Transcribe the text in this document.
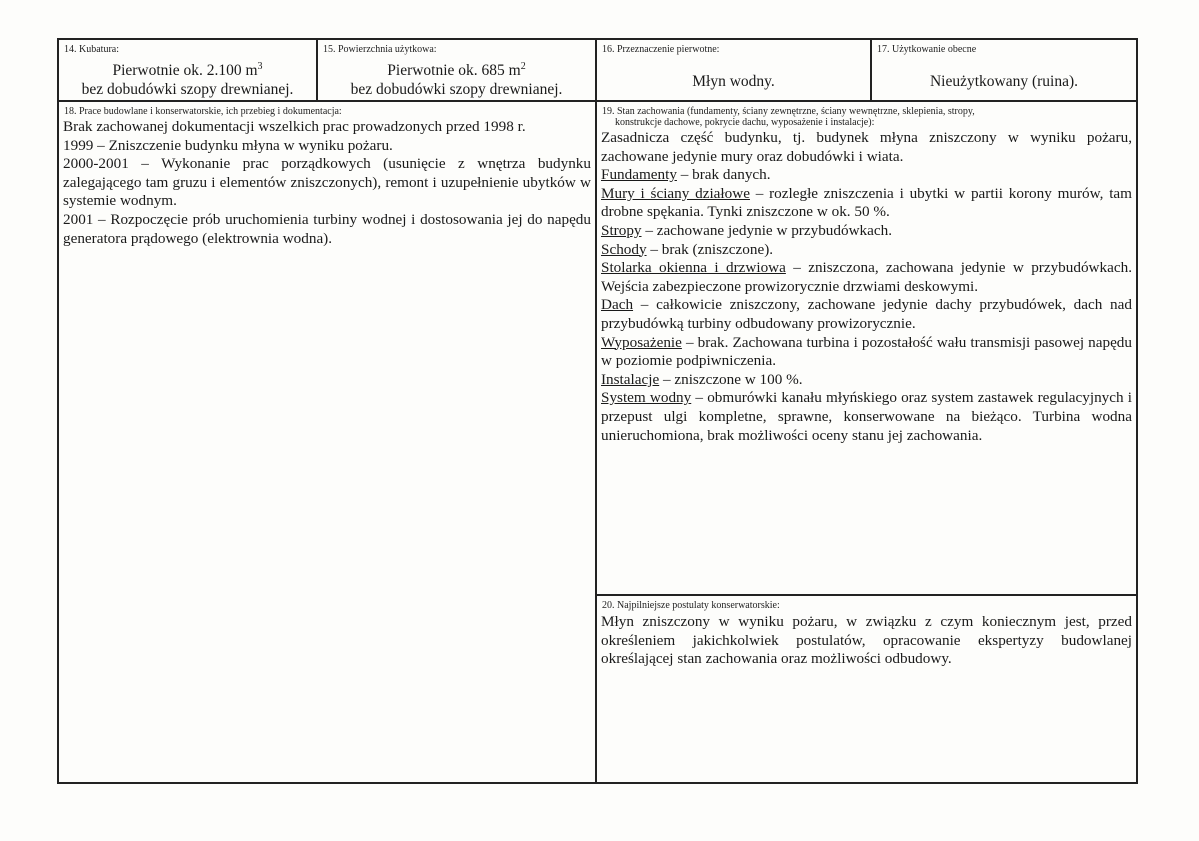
14. Kubatura:
Pierwotnie ok. 2.100 $m^3$
bez dobudówki szopy drewnianej.
15. Powierzchnia użytkowa:
Pierwotnie ok. 685 $m^2$
bez dobudówki szopy drewnianej.
16. Przeznaczenie pierwotne:
Młyn wodny.
17. Użytkowanie obecne
Nieużytkowany (ruina).
18. Prace budowlane i konserwatorskie, ich przebieg i dokumentacja:

Brak zachowanej dokumentacji wszelkich prac prowadzonych przed 1998 r.

1999 – Zniszczenie budynku młyna w wyniku pożaru.

2000-2001 – Wykonanie prac porządkowych (usunięcie z wnętrza budynku zalegającego tam gruzu i elementów zniszczonych), remont i uzupełnienie ubytków w systemie wodnym.

2001 – Rozpoczęcie prób uruchomienia turbiny wodnej i dostosowania jej do napędu generatora prądowego (elektrownia wodna).

19. Stan zachowania (fundamenty, ściany zewnętrzne, ściany wewnętrzne, sklepienia, stropy,
konstrukcje dachowe, pokrycie dachu, wyposażenie i instalacje):

Zasadnicza część budynku, tj. budynek młyna zniszczony w wyniku pożaru, zachowane jedynie mury oraz dobudówki i wiata.

Fundamenty – brak danych.

Mury i ściany działowe – rozległe zniszczenia i ubytki w partii korony murów, tam drobne spękania. Tynki zniszczone w ok. 50 %.

Stropy – zachowane jedynie w przybudówkach.

Schody – brak (zniszczone).

Stolarka okienna i drzwiowa – zniszczona, zachowana jedynie w przybudówkach. Wejścia zabezpieczone prowizorycznie drzwiami deskowymi.

Dach – całkowicie zniszczony, zachowane jedynie dachy przybudówek, dach nad przybudówką turbiny odbudowany prowizorycznie.

Wyposażenie – brak. Zachowana turbina i pozostałość wału transmisji pasowej napędu w poziomie podpiwniczenia.

Instalacje – zniszczone w 100 %.

System wodny – obmurówki kanału młyńskiego oraz system zastawek regulacyjnych i przepust ulgi kompletne, sprawne, konserwowane na bieżąco. Turbina wodna unieruchomiona, brak możliwości oceny stanu jej zachowania.

20. Najpilniejsze postulaty konserwatorskie:

Młyn zniszczony w wyniku pożaru, w związku z czym koniecznym jest, przed określeniem jakichkolwiek postulatów, opracowanie ekspertyzy budowlanej określającej stan zachowania oraz możliwości odbudowy.
